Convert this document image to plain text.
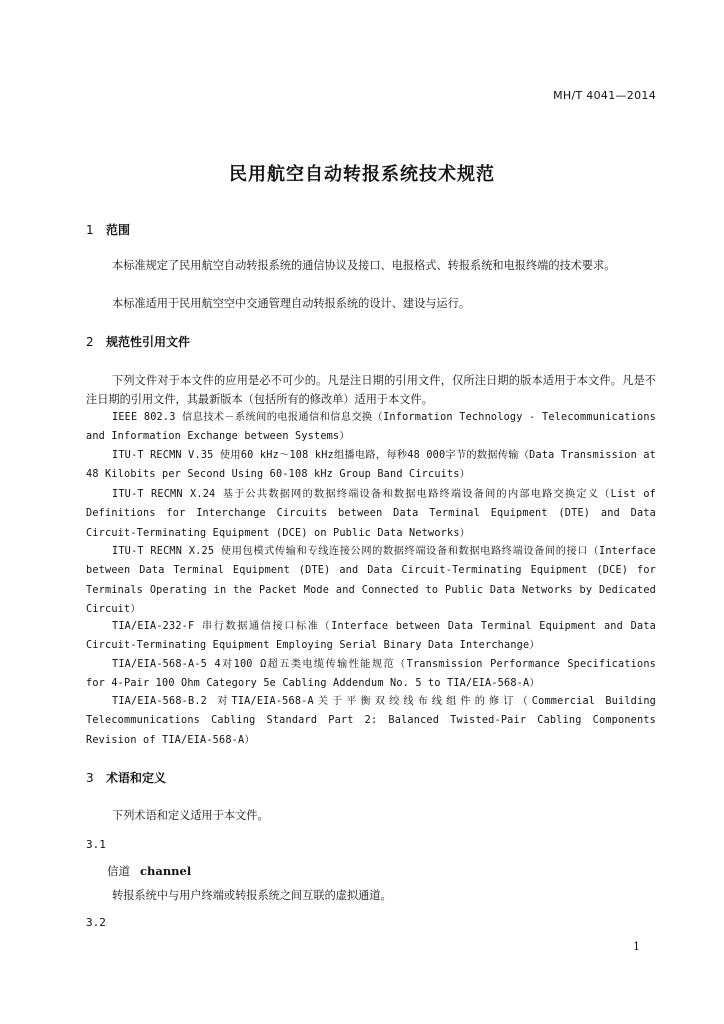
MH/T 4041—2014
民用航空自动转报系统技术规范
1 范围
本标准规定了民用航空自动转报系统的通信协议及接口、电报格式、转报系统和电报终端的技术要求。
本标准适用于民用航空空中交通管理自动转报系统的设计、建设与运行。
2 规范性引用文件
下列文件对于本文件的应用是必不可少的。凡是注日期的引用文件，仅所注日期的版本适用于本文件。凡是不注日期的引用文件，其最新版本（包括所有的修改单）适用于本文件。
IEEE 802.3 信息技术－系统间的电报通信和信息交换（Information Technology - Telecommunications and Information Exchange between Systems）
ITU-T RECMN V.35 使用60 kHz～108 kHz组播电路，每秒48 000字节的数据传输（Data Transmission at 48 Kilobits per Second Using 60-108 kHz Group Band Circuits）
ITU-T RECMN X.24 基于公共数据网的数据终端设备和数据电路终端设备间的内部电路交换定义（List of Definitions for Interchange Circuits between Data Terminal Equipment (DTE) and Data Circuit-Terminating Equipment (DCE) on Public Data Networks）
ITU-T RECMN X.25 使用包模式传输和专线连接公网的数据终端设备和数据电路终端设备间的接口（Interface between Data Terminal Equipment (DTE) and Data Circuit-Terminating Equipment (DCE) for Terminals Operating in the Packet Mode and Connected to Public Data Networks by Dedicated Circuit）
TIA/EIA-232-F 串行数据通信接口标准（Interface between Data Terminal Equipment and Data Circuit-Terminating Equipment Employing Serial Binary Data Interchange）
TIA/EIA-568-A-5 4对100 Ω超五类电缆传输性能规范（Transmission Performance Specifications for 4-Pair 100 Ohm Category 5e Cabling Addendum No. 5 to TIA/EIA-568-A）
TIA/EIA-568-B.2 对TIA/EIA-568-A关于平衡双绞线布线组件的修订（Commercial Building Telecommunications Cabling Standard Part 2: Balanced Twisted-Pair Cabling Components Revision of TIA/EIA-568-A）
3 术语和定义
下列术语和定义适用于本文件。
3.1
信道 channel
转报系统中与用户终端或转报系统之间互联的虚拟通道。
3.2
1
